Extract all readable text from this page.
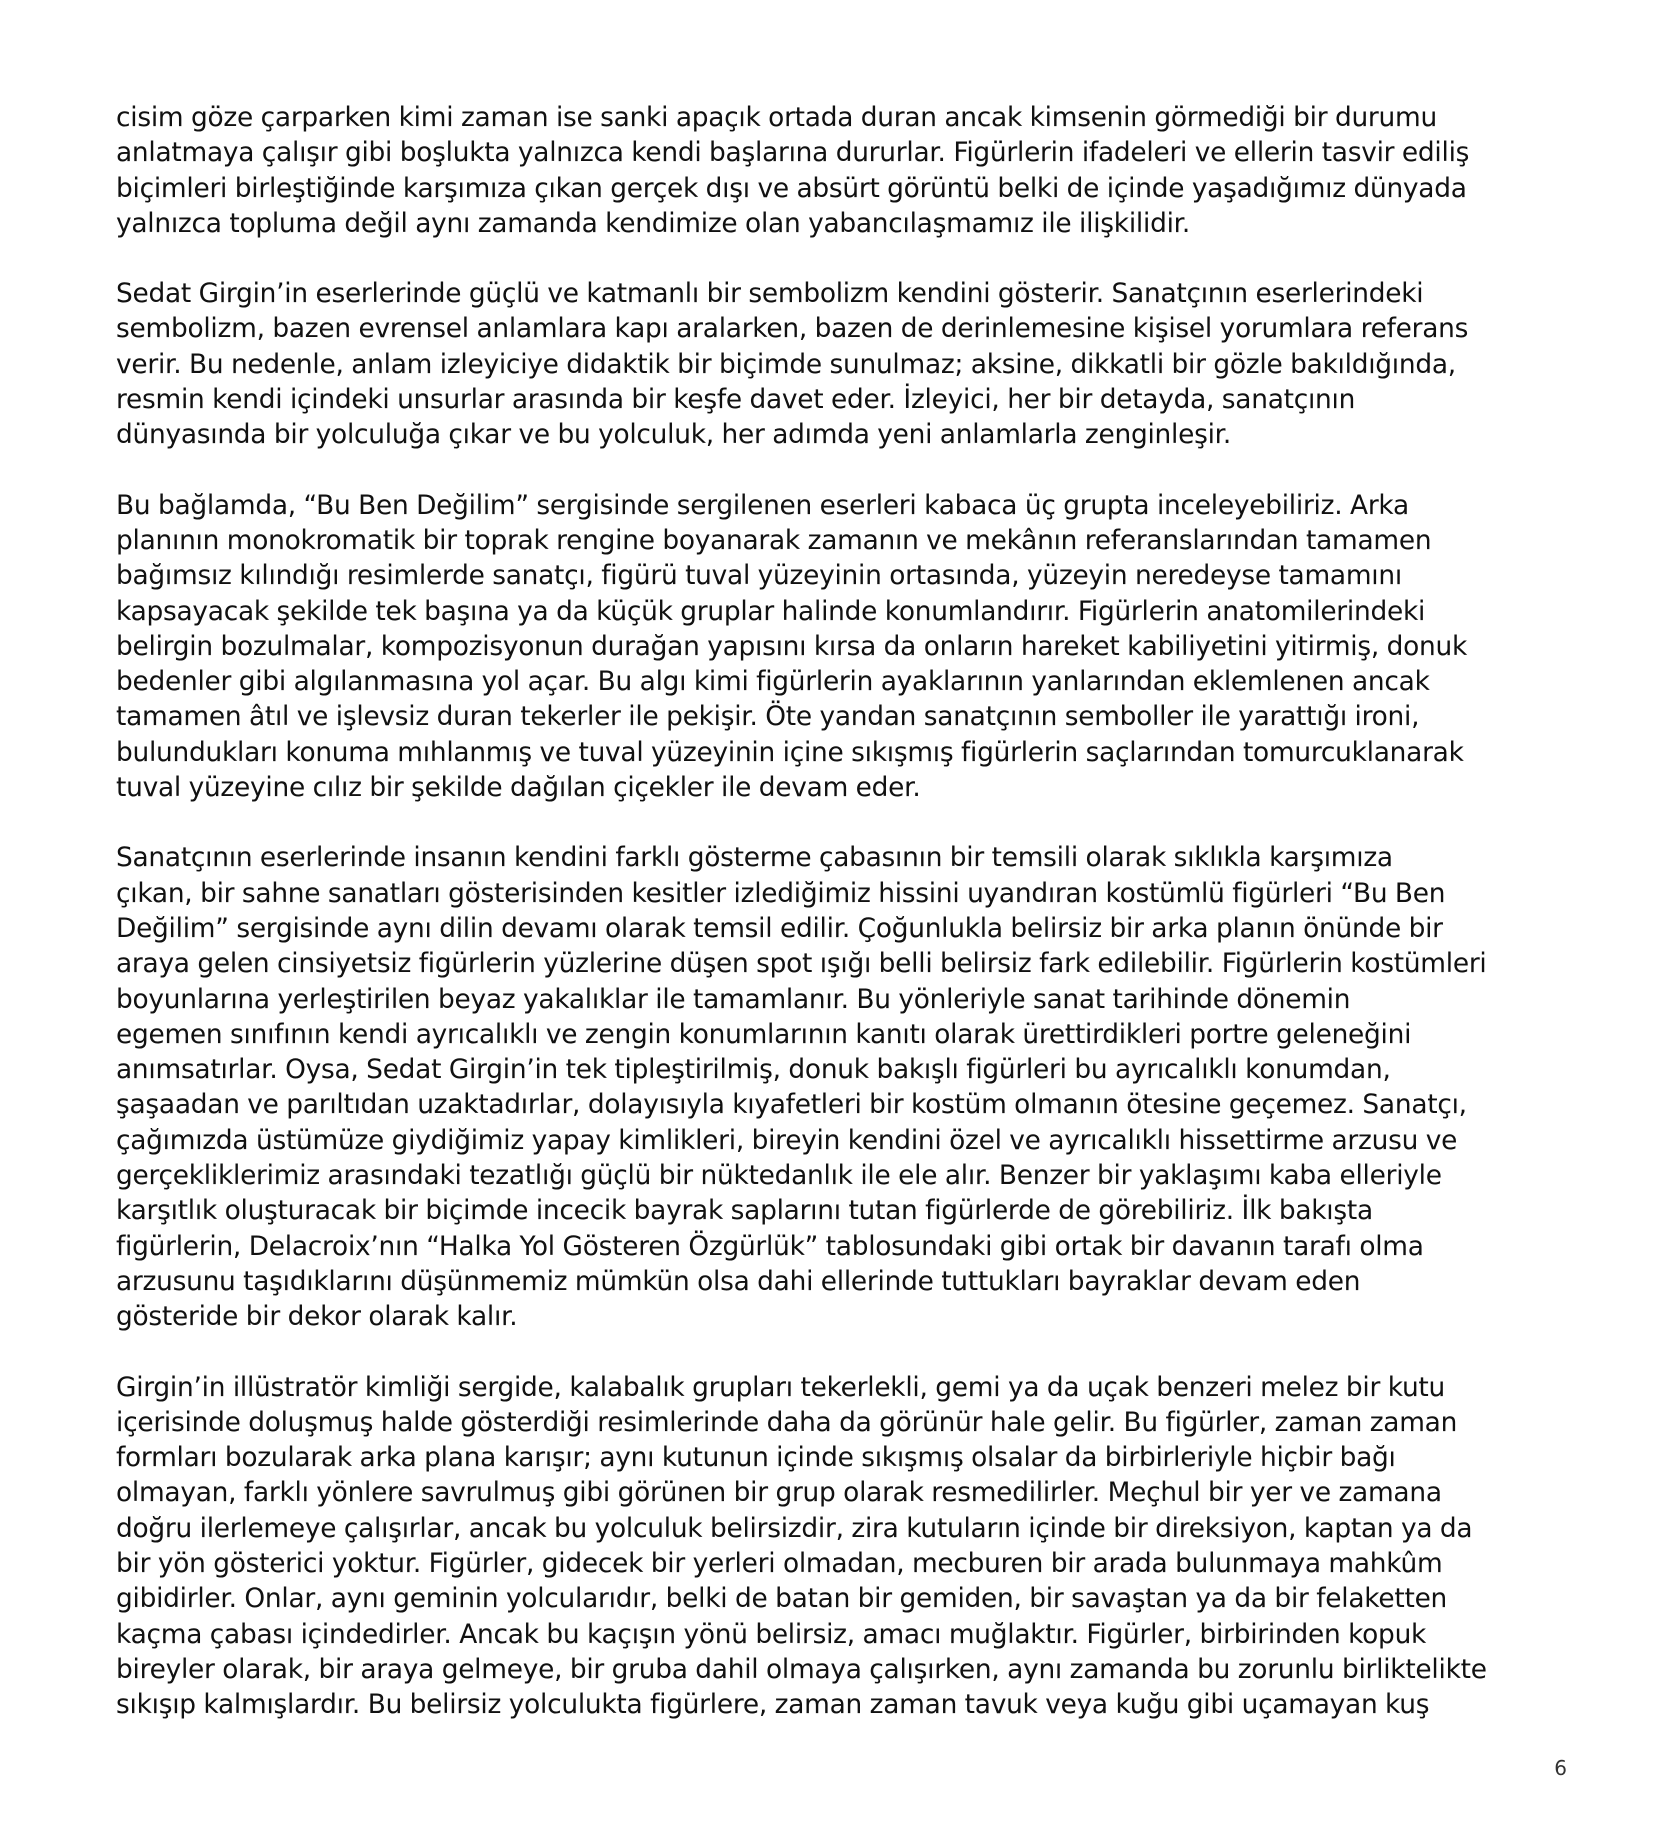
cisim göze çarparken kimi zaman ise sanki apaçık ortada duran ancak kimsenin görmediği bir durumu
anlatmaya çalışır gibi boşlukta yalnızca kendi başlarına dururlar. Figürlerin ifadeleri ve ellerin tasvir ediliş
biçimleri birleştiğinde karşımıza çıkan gerçek dışı ve absürt görüntü belki de içinde yaşadığımız dünyada
yalnızca topluma değil aynı zamanda kendimize olan yabancılaşmamız ile ilişkilidir.

Sedat Girgin’in eserlerinde güçlü ve katmanlı bir sembolizm kendini gösterir. Sanatçının eserlerindeki
sembolizm, bazen evrensel anlamlara kapı aralarken, bazen de derinlemesine kişisel yorumlara referans
verir. Bu nedenle, anlam izleyiciye didaktik bir biçimde sunulmaz; aksine, dikkatli bir gözle bakıldığında,
resmin kendi içindeki unsurlar arasında bir keşfe davet eder. İzleyici, her bir detayda, sanatçının
dünyasında bir yolculuğa çıkar ve bu yolculuk, her adımda yeni anlamlarla zenginleşir.

Bu bağlamda, “Bu Ben Değilim” sergisinde sergilenen eserleri kabaca üç grupta inceleyebiliriz. Arka
planının monokromatik bir toprak rengine boyanarak zamanın ve mekânın referanslarından tamamen
bağımsız kılındığı resimlerde sanatçı, figürü tuval yüzeyinin ortasında, yüzeyin neredeyse tamamını
kapsayacak şekilde tek başına ya da küçük gruplar halinde konumlandırır. Figürlerin anatomilerindeki
belirgin bozulmalar, kompozisyonun durağan yapısını kırsa da onların hareket kabiliyetini yitirmiş, donuk
bedenler gibi algılanmasına yol açar. Bu algı kimi figürlerin ayaklarının yanlarından eklemlenen ancak
tamamen âtıl ve işlevsiz duran tekerler ile pekişir. Öte yandan sanatçının semboller ile yarattığı ironi,
bulundukları konuma mıhlanmış ve tuval yüzeyinin içine sıkışmış figürlerin saçlarından tomurcuklanarak
tuval yüzeyine cılız bir şekilde dağılan çiçekler ile devam eder.

Sanatçının eserlerinde insanın kendini farklı gösterme çabasının bir temsili olarak sıklıkla karşımıza
çıkan, bir sahne sanatları gösterisinden kesitler izlediğimiz hissini uyandıran kostümlü figürleri “Bu Ben
Değilim” sergisinde aynı dilin devamı olarak temsil edilir. Çoğunlukla belirsiz bir arka planın önünde bir
araya gelen cinsiyetsiz figürlerin yüzlerine düşen spot ışığı belli belirsiz fark edilebilir. Figürlerin kostümleri
boyunlarına yerleştirilen beyaz yakalıklar ile tamamlanır. Bu yönleriyle sanat tarihinde dönemin
egemen sınıfının kendi ayrıcalıklı ve zengin konumlarının kanıtı olarak ürettirdikleri portre geleneğini
anımsatırlar. Oysa, Sedat Girgin’in tek tipleştirilmiş, donuk bakışlı figürleri bu ayrıcalıklı konumdan,
şaşaadan ve parıltıdan uzaktadırlar, dolayısıyla kıyafetleri bir kostüm olmanın ötesine geçemez. Sanatçı,
çağımızda üstümüze giydiğimiz yapay kimlikleri, bireyin kendini özel ve ayrıcalıklı hissettirme arzusu ve
gerçekliklerimiz arasındaki tezatlığı güçlü bir nüktedanlık ile ele alır. Benzer bir yaklaşımı kaba elleriyle
karşıtlık oluşturacak bir biçimde incecik bayrak saplarını tutan figürlerde de görebiliriz. İlk bakışta
figürlerin, Delacroix’nın “Halka Yol Gösteren Özgürlük” tablosundaki gibi ortak bir davanın tarafı olma
arzusunu taşıdıklarını düşünmemiz mümkün olsa dahi ellerinde tuttukları bayraklar devam eden
gösteride bir dekor olarak kalır.

Girgin’in illüstratör kimliği sergide, kalabalık grupları tekerlekli, gemi ya da uçak benzeri melez bir kutu
içerisinde doluşmuş halde gösterdiği resimlerinde daha da görünür hale gelir. Bu figürler, zaman zaman
formları bozularak arka plana karışır; aynı kutunun içinde sıkışmış olsalar da birbirleriyle hiçbir bağı
olmayan, farklı yönlere savrulmuş gibi görünen bir grup olarak resmedilirler. Meçhul bir yer ve zamana
doğru ilerlemeye çalışırlar, ancak bu yolculuk belirsizdir, zira kutuların içinde bir direksiyon, kaptan ya da
bir yön gösterici yoktur. Figürler, gidecek bir yerleri olmadan, mecburen bir arada bulunmaya mahkûm
gibidirler. Onlar, aynı geminin yolcularıdır, belki de batan bir gemiden, bir savaştan ya da bir felaketten
kaçma çabası içindedirler. Ancak bu kaçışın yönü belirsiz, amacı muğlaktır. Figürler, birbirinden kopuk
bireyler olarak, bir araya gelmeye, bir gruba dahil olmaya çalışırken, aynı zamanda bu zorunlu birliktelikte
sıkışıp kalmışlardır. Bu belirsiz yolculukta figürlere, zaman zaman tavuk veya kuğu gibi uçamayan kuş

6
